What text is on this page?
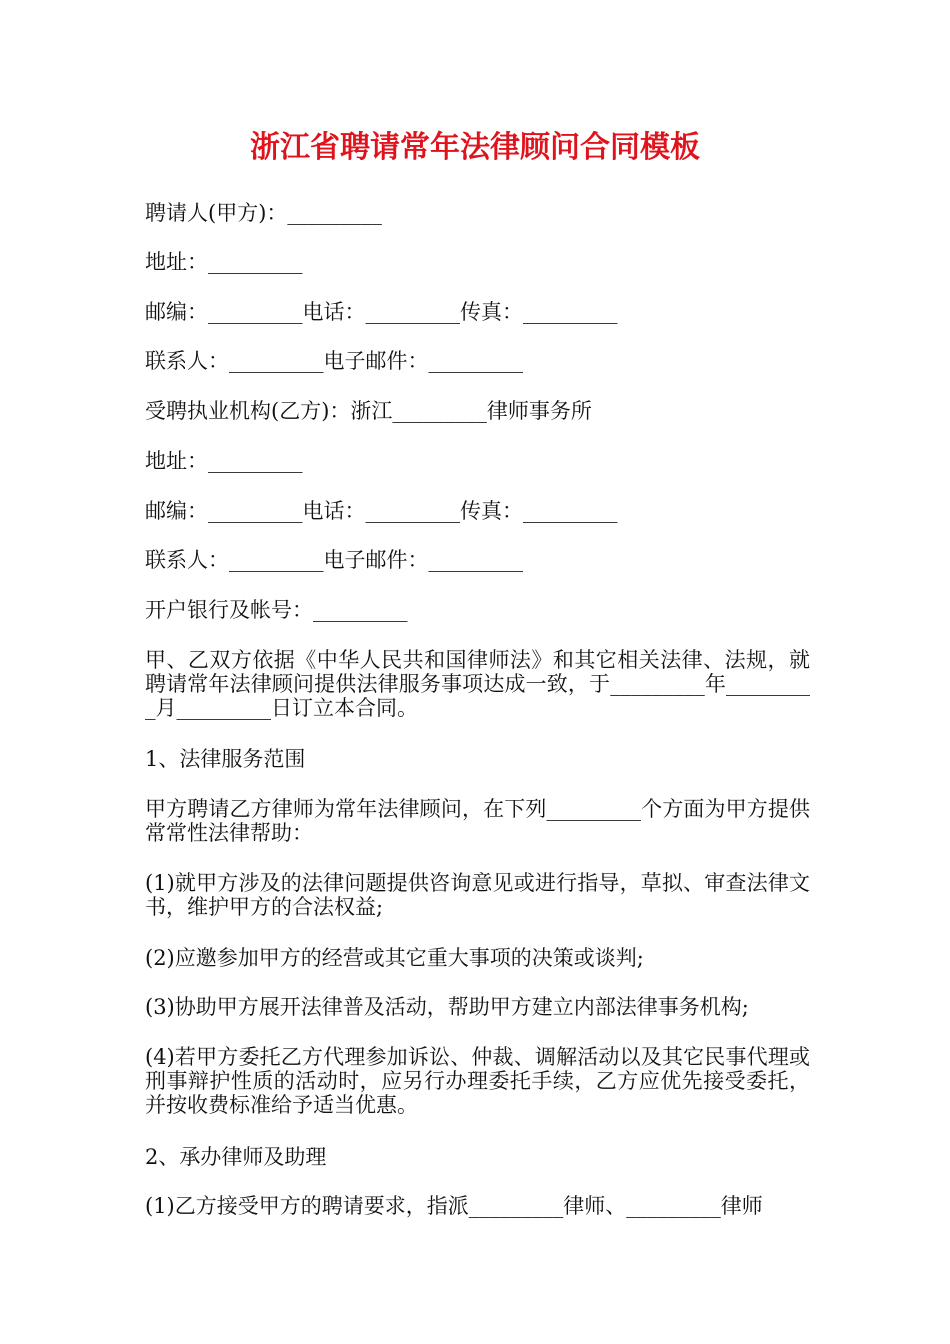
浙江省聘请常年法律顾问合同模板
聘请人(甲方)：_________
地址：_________
邮编：_________电话：_________传真：_________
联系人：_________电子邮件：_________
受聘执业机构(乙方)：浙江_________律师事务所
地址：_________
邮编：_________电话：_________传真：_________
联系人：_________电子邮件：_________
开户银行及帐号：_________
甲、乙双方依据《中华人民共和国律师法》和其它相关法律、法规，就聘请常年法律顾问提供法律服务事项达成一致，于_________年_________月_________日订立本合同。
1、法律服务范围
甲方聘请乙方律师为常年法律顾问，在下列_________个方面为甲方提供常常性法律帮助：
(1)就甲方涉及的法律问题提供咨询意见或进行指导，草拟、审查法律文书，维护甲方的合法权益;
(2)应邀参加甲方的经营或其它重大事项的决策或谈判;
(3)协助甲方展开法律普及活动，帮助甲方建立内部法律事务机构;
(4)若甲方委托乙方代理参加诉讼、仲裁、调解活动以及其它民事代理或刑事辩护性质的活动时，应另行办理委托手续，乙方应优先接受委托，并按收费标准给予适当优惠。
2、承办律师及助理
(1)乙方接受甲方的聘请要求，指派_________律师、_________律师
